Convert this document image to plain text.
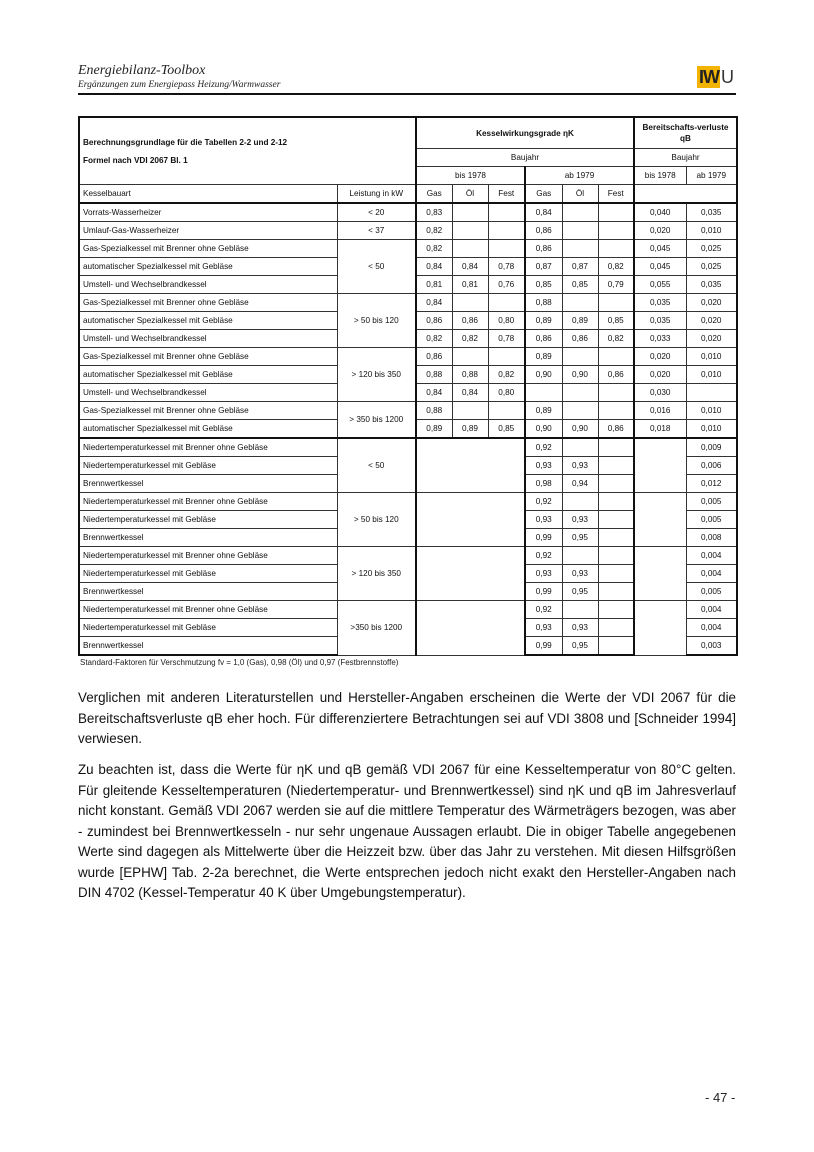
Energiebilanz-Toolbox
Ergänzungen zum Energiepass Heizung/Warmwasser	IW U
Berechnungsgrundlage für die Tabellen 2-2 und 2-12
Formel nach VDI 2067 Bl. 1		Kesselwirkungsgrade ηK						Bereitschafts-verluste qB	
		Baujahr						Baujahr	
		bis 1978			ab 1979			bis 1978	ab 1979
Kesselbauart	Leistung in kW	Gas	Öl	Fest	Gas	Öl	Fest		
Vorrats-Wasserheizer	< 20	0,83			0,84			0,040	0,035
Umlauf-Gas-Wasserheizer	< 37	0,82			0,86			0,020	0,010
Gas-Spezialkessel mit Brenner ohne Gebläse	< 50	0,82			0,86			0,045	0,025
automatischer Spezialkessel mit Gebläse		0,84	0,84	0,78	0,87	0,87	0,82	0,045	0,025
Umstell- und Wechselbrandkessel		0,81	0,81	0,76	0,85	0,85	0,79	0,055	0,035
Gas-Spezialkessel mit Brenner ohne Gebläse	> 50 bis 120	0,84			0,88			0,035	0,020
automatischer Spezialkessel mit Gebläse		0,86	0,86	0,80	0,89	0,89	0,85	0,035	0,020
Umstell- und Wechselbrandkessel		0,82	0,82	0,78	0,86	0,86	0,82	0,033	0,020
Gas-Spezialkessel mit Brenner ohne Gebläse	> 120 bis 350	0,86			0,89			0,020	0,010
automatischer Spezialkessel mit Gebläse		0,88	0,88	0,82	0,90	0,90	0,86	0,020	0,010
Umstell- und Wechselbrandkessel		0,84	0,84	0,80				0,030	
Gas-Spezialkessel mit Brenner ohne Gebläse	> 350 bis 1200	0,88			0,89			0,016	0,010
automatischer Spezialkessel mit Gebläse		0,89	0,89	0,85	0,90	0,90	0,86	0,018	0,010
Niedertemperaturkessel mit Brenner ohne Gebläse	< 50				0,92				0,009
Niedertemperaturkessel mit Gebläse					0,93	0,93			0,006
Brennwertkessel					0,98	0,94			0,012
Niedertemperaturkessel mit Brenner ohne Gebläse	> 50 bis 120				0,92				0,005
Niedertemperaturkessel mit Gebläse					0,93	0,93			0,005
Brennwertkessel					0,99	0,95			0,008
Niedertemperaturkessel mit Brenner ohne Gebläse	> 120 bis 350				0,92				0,004
Niedertemperaturkessel mit Gebläse					0,93	0,93			0,004
Brennwertkessel					0,99	0,95			0,005
Niedertemperaturkessel mit Brenner ohne Gebläse	>350 bis 1200				0,92				0,004
Niedertemperaturkessel mit Gebläse					0,93	0,93			0,004
Brennwertkessel					0,99	0,95			0,003
Standard-Faktoren für Verschmutzung fv = 1,0 (Gas), 0,98 (Öl) und 0,97 (Festbrennstoffe)
Verglichen mit anderen Literaturstellen und Hersteller-Angaben erscheinen die Werte der VDI 2067 für die Bereitschaftsverluste qB eher hoch. Für differenziertere Betrachtungen sei auf VDI 3808 und [Schneider 1994] verwiesen.
Zu beachten ist, dass die Werte für ηK und qB gemäß VDI 2067 für eine Kesseltemperatur von 80°C gelten. Für gleitende Kesseltemperaturen (Niedertemperatur- und Brennwertkessel) sind ηK und qB im Jahresverlauf nicht konstant. Gemäß VDI 2067 werden sie auf die mittlere Temperatur des Wärmeträgers bezogen, was aber - zumindest bei Brennwertkesseln - nur sehr ungenaue Aussagen erlaubt. Die in obiger Tabelle angegebenen Werte sind dagegen als Mittelwerte über die Heizzeit bzw. über das Jahr zu verstehen. Mit diesen Hilfsgrößen wurde [EPHW] Tab. 2-2a berechnet, die Werte entsprechen jedoch nicht exakt den Hersteller-Angaben nach DIN 4702 (Kessel-Temperatur 40 K über Umgebungstemperatur).
- 47 -
